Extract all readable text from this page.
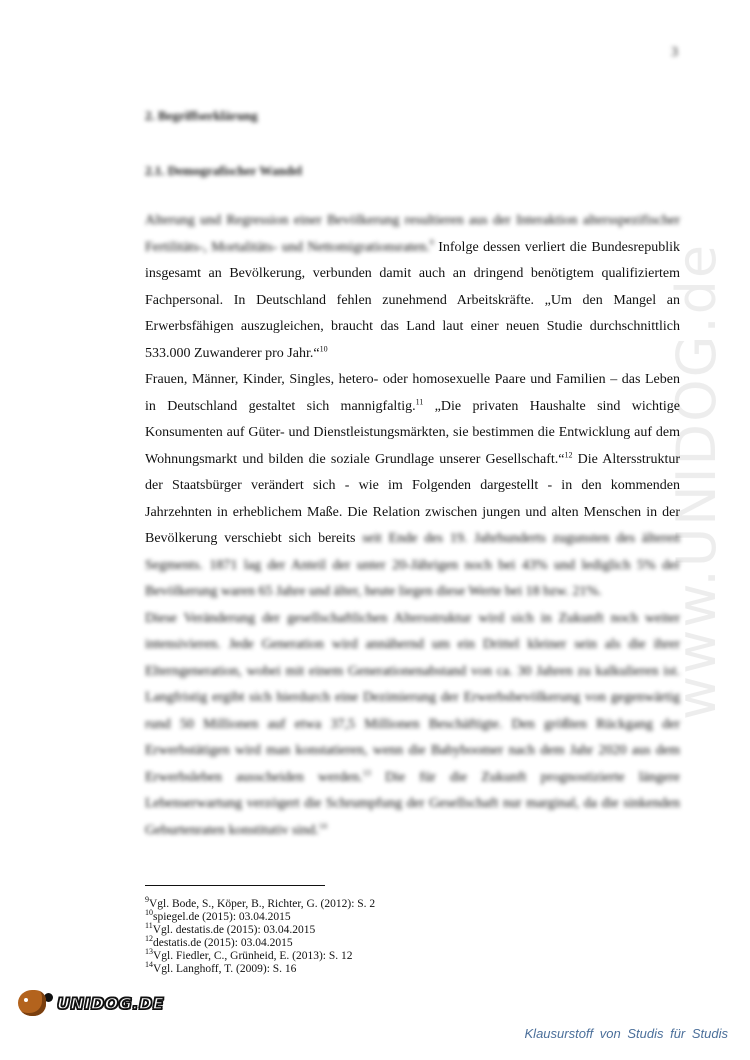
3
2. Begriffserklärung
2.1. Demografischer Wandel

Alterung und Regression einer Bevölkerung resultieren aus der Interaktion altersspezifischer Fertilitäts-, Mortalitäts- und Nettomigrationsraten.$^9$ Infolge dessen verliert die Bundesrepublik insgesamt an Bevölkerung, verbunden damit auch an dringend benötigtem qualifiziertem Fachpersonal. In Deutschland fehlen zunehmend Arbeitskräfte. „Um den Mangel an Erwerbsfähigen auszugleichen, braucht das Land laut einer neuen Studie durchschnittlich 533.000 Zuwanderer pro Jahr.“$^{10}$

Frauen, Männer, Kinder, Singles, hetero- oder homosexuelle Paare und Familien – das Leben in Deutschland gestaltet sich mannigfaltig.$^{11}$ „Die privaten Haushalte sind wichtige Konsumenten auf Güter- und Dienstleistungsmärkten, sie bestimmen die Entwicklung auf dem Wohnungsmarkt und bilden die soziale Grundlage unserer Gesellschaft.“$^{12}$ Die Altersstruktur der Staatsbürger verändert sich - wie im Folgenden dargestellt - in den kommenden Jahrzehnten in erheblichem Maße. Die Relation zwischen jungen und alten Menschen in der Bevölkerung verschiebt sich bereits seit Ende des 19. Jahrhunderts zugunsten des älteren Segments. 1871 lag der Anteil der unter 20-Jährigen noch bei 43% und lediglich 5% der Bevölkerung waren 65 Jahre und älter, heute liegen diese Werte bei 18 bzw. 21%.

Diese Veränderung der gesellschaftlichen Altersstruktur wird sich in Zukunft noch weiter intensivieren. Jede Generation wird annähernd um ein Drittel kleiner sein als die ihrer Elterngeneration, wobei mit einem Generationenabstand von ca. 30 Jahren zu kalkulieren ist. Langfristig ergibt sich hierdurch eine Dezimierung der Erwerbsbevölkerung von gegenwärtig rund 50 Millionen auf etwa 37,5 Millionen Beschäftigte. Den größten Rückgang der Erwerbstätigen wird man konstatieren, wenn die Babyboomer nach dem Jahr 2020 aus dem Erwerbsleben ausscheiden werden.$^{13}$ Die für die Zukunft prognostizierte längere Lebenserwartung verzögert die Schrumpfung der Gesellschaft nur marginal, da die sinkenden Geburtenraten konstitutiv sind.$^{14}$

$^9$Vgl. Bode, S., Köper, B., Richter, G. (2012): S. 2
$^{10}$spiegel.de (2015): 03.04.2015
$^{11}$Vgl. destatis.de (2015): 03.04.2015
$^{12}$destatis.de (2015): 03.04.2015
$^{13}$Vgl. Fiedler, C., Grünheid, E. (2013): S. 12
$^{14}$Vgl. Langhoff, T. (2009): S. 16
www.UNIDOG.de
UNIDOG.DE
Klausurstoff von Studis für Studis
